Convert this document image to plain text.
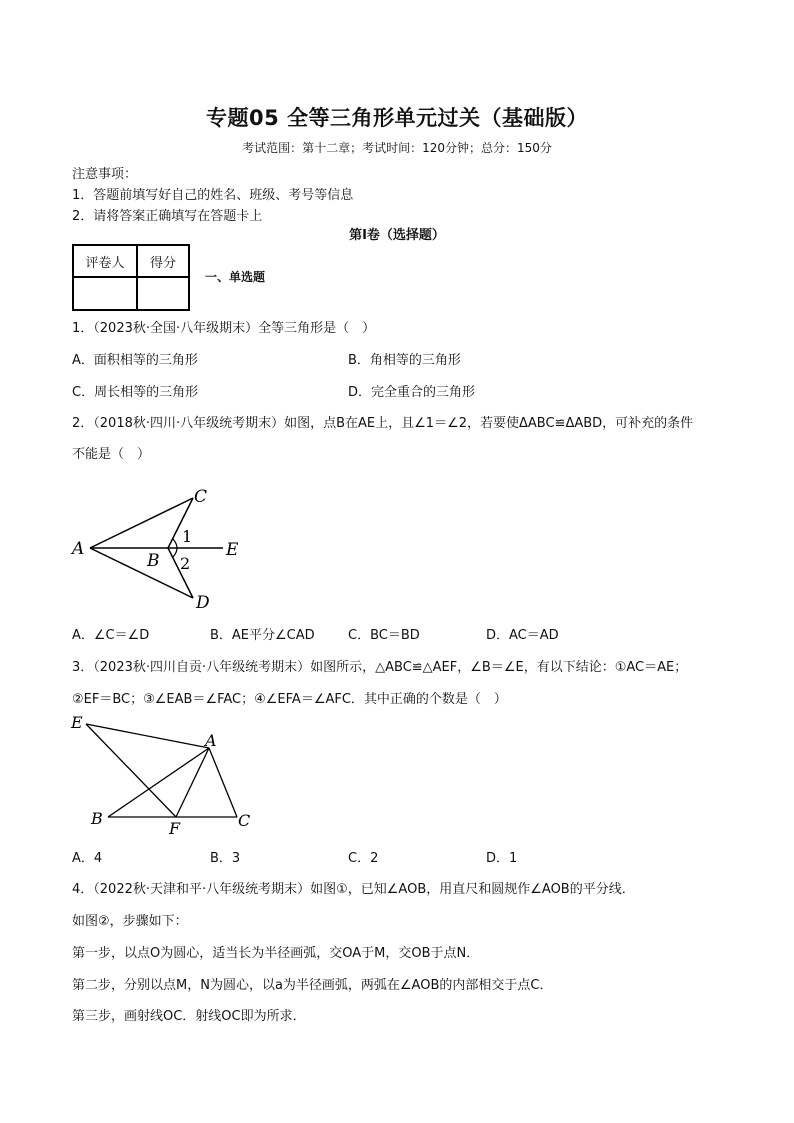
专题05 全等三角形单元过关（基础版）
考试范围：第十二章；考试时间：120分钟；总分：150分
注意事项：
1．答题前填写好自己的姓名、班级、考号等信息
2．请将答案正确填写在答题卡上
第I卷（选择题）
评卷人	得分

一、单选题
1．（2023秋·全国·八年级期末）全等三角形是（　）
A．面积相等的三角形	B．角相等的三角形
C．周长相等的三角形	D．完全重合的三角形
2．（2018秋·四川·八年级统考期末）如图，点B在AE上，且∠1＝∠2，若要使ΔABC≌ΔABD，可补充的条件
不能是（　）
A
B
C
D
E
1
2
A．∠C＝∠D	B．AE平分∠CAD	C．BC＝BD	D．AC＝AD
3．（2023秋·四川自贡·八年级统考期末）如图所示，△ABC≌△AEF，∠B＝∠E，有以下结论：①AC＝AE；
②EF＝BC；③∠EAB＝∠FAC；④∠EFA＝∠AFC．其中正确的个数是（　）
E
A
B
F	C
A．4	B．3	C．2	D．1
4．（2022秋·天津和平·八年级统考期末）如图①，已知∠AOB，用直尺和圆规作∠AOB的平分线．
如图②，步骤如下：
第一步，以点O为圆心，适当长为半径画弧，交OA于M，交OB于点N．
第二步，分别以点M，N为圆心，以a为半径画弧，两弧在∠AOB的内部相交于点C．
第三步，画射线OC．射线OC即为所求．
